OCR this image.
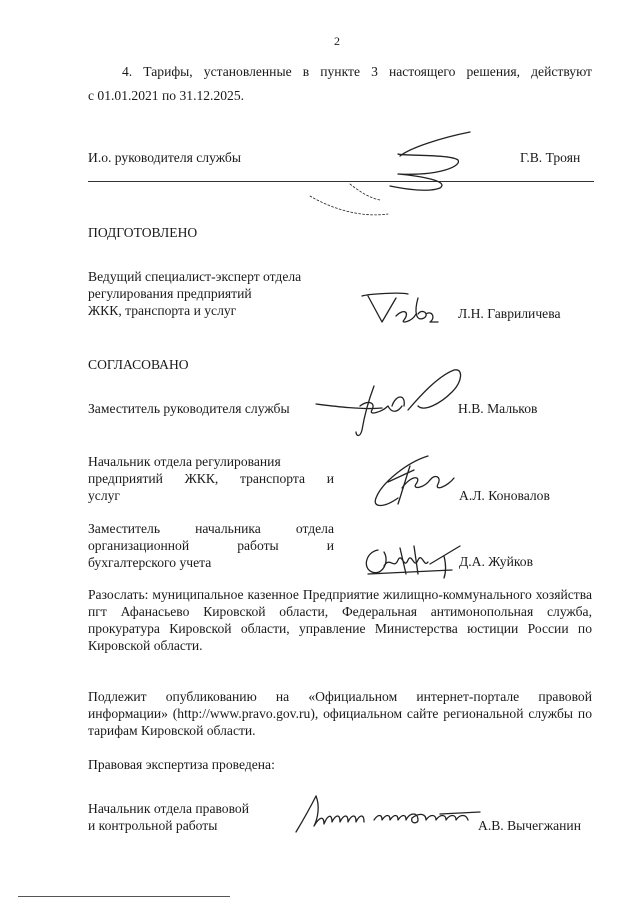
2
4. Тарифы, установленные в пункте 3 настоящего решения, действуют
с 01.01.2021 по 31.12.2025.
И.о. руководителя службы	Г.В. Троян
ПОДГОТОВЛЕНО
Ведущий специалист-эксперт отдела
регулирования предприятий
ЖКК, транспорта и услуг	Л.Н. Гавриличева
СОГЛАСОВАНО
Заместитель руководителя службы	Н.В. Мальков
Начальник отдела регулирования
предприятий ЖКК, транспорта и
услуг	А.Л. Коновалов
Заместитель начальника отдела
организационной работы и
бухгалтерского учета	Д.А. Жуйков
Разослать: муниципальное казенное Предприятие жилищно-коммунального хозяйства пгт Афанасьево Кировской области, Федеральная антимонопольная служба, прокуратура Кировской области, управление Министерства юстиции России по Кировской области.
Подлежит опубликованию на «Официальном интернет-портале правовой информации» (http://www.pravo.gov.ru), официальном сайте региональной службы по тарифам Кировской области.
Правовая экспертиза проведена:
Начальник отдела правовой
и контрольной работы	А.В. Вычегжанин
